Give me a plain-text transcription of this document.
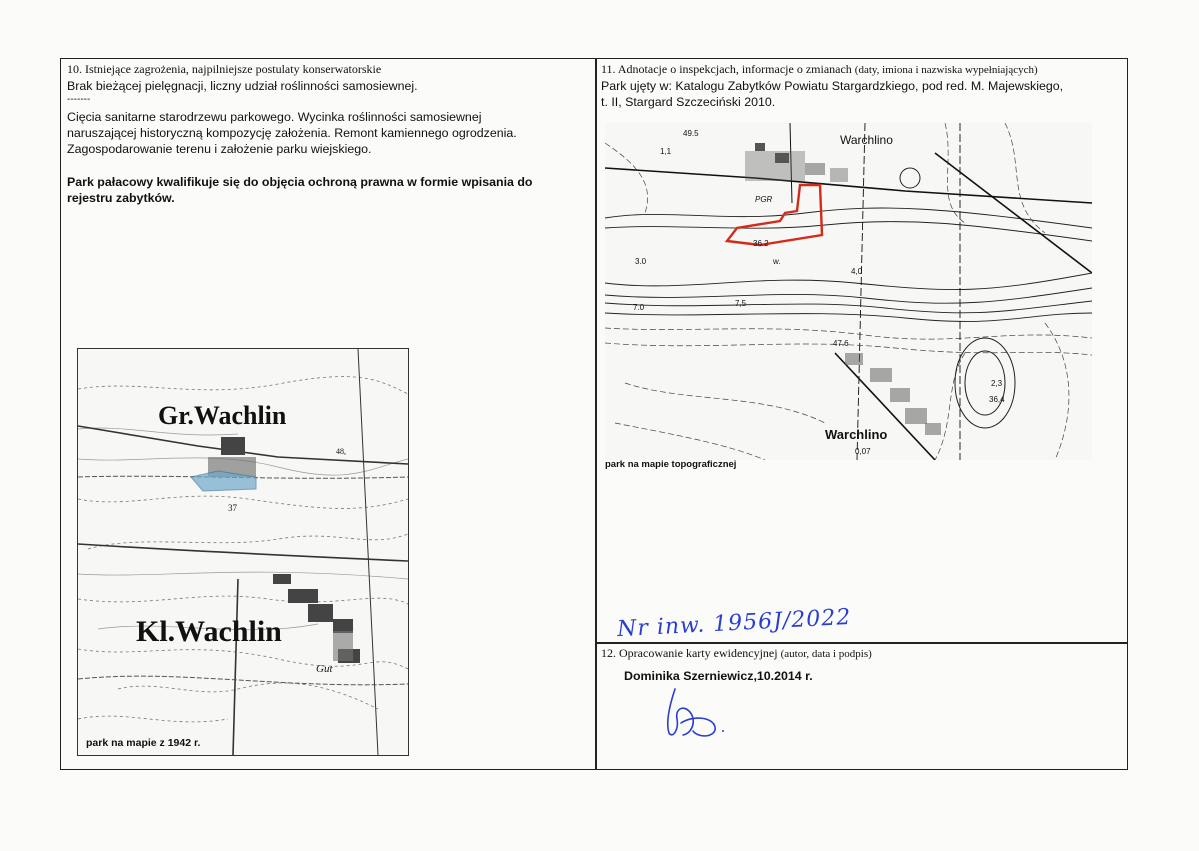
10. Istniejące zagrożenia, najpilniejsze postulaty konserwatorskie
Brak bieżącej pielęgnacji, liczny udział roślinności samosiewnej.
-------
Cięcia sanitarne starodrzewu parkowego. Wycinka roślinności samosiewnej
naruszającej historyczną kompozycję założenia. Remont kamiennego ogrodzenia.
Zagospodarowanie terenu i założenie parku wiejskiego.
Park pałacowy kwalifikuje się do objęcia ochroną prawna w formie wpisania do
rejestru zabytków.
Gr.Wachlin
Kl.Wachlin
37
48,
Gut
park na mapie z 1942 r.
11. Adnotacje o inspekcjach, informacje o zmianach (daty, imiona i nazwiska wypełniających)
Park ujęty w: Katalogu Zabytków Powiatu Stargardzkiego, pod red. M. Majewskiego,
t. II, Stargard Szczeciński 2010.
Warchlino
Warchlino
36.2
3.0
4,0
7,5
7.0
47.6
2,3
36,4
0,07
49.5
1,1
PGR
w.
park na mapie topograficznej
Nr inw. 1956J/2022
12. Opracowanie karty ewidencyjnej (autor, data i podpis)
Dominika Szerniewicz,10.2014 r.
